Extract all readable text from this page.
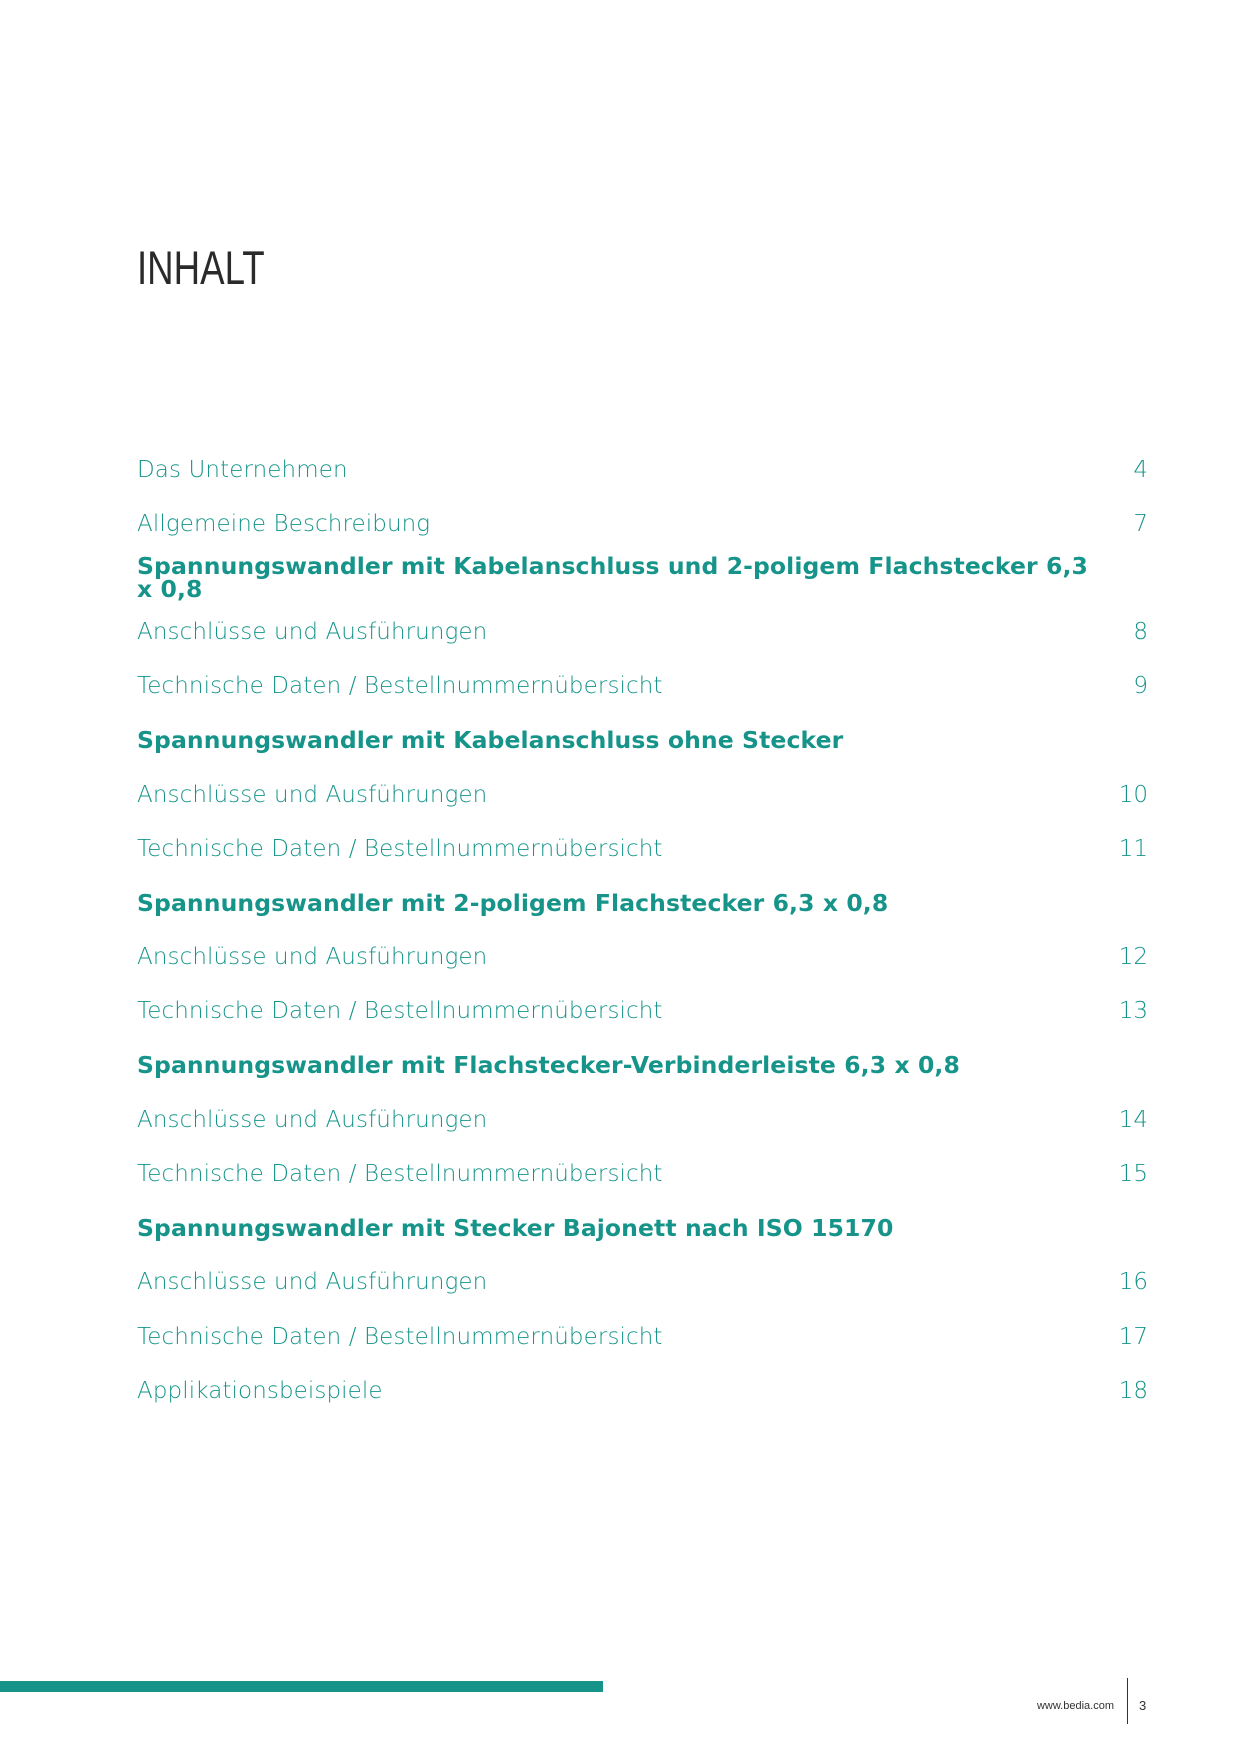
INHALT
Das Unternehmen	4
Allgemeine Beschreibung	7
Spannungswandler mit Kabelanschluss und 2-poligem Flachstecker 6,3 x 0,8
Anschlüsse und Ausführungen	8
Technische Daten / Bestellnummernübersicht	9
Spannungswandler mit Kabelanschluss ohne Stecker
Anschlüsse und Ausführungen	10
Technische Daten / Bestellnummernübersicht	11
Spannungswandler mit 2-poligem Flachstecker 6,3 x 0,8
Anschlüsse und Ausführungen	12
Technische Daten / Bestellnummernübersicht	13
Spannungswandler mit Flachstecker-Verbinderleiste 6,3 x 0,8
Anschlüsse und Ausführungen	14
Technische Daten / Bestellnummernübersicht	15
Spannungswandler mit Stecker Bajonett nach ISO 15170
Anschlüsse und Ausführungen	16
Technische Daten / Bestellnummernübersicht	17
Applikationsbeispiele	18
www.bedia.com 3
